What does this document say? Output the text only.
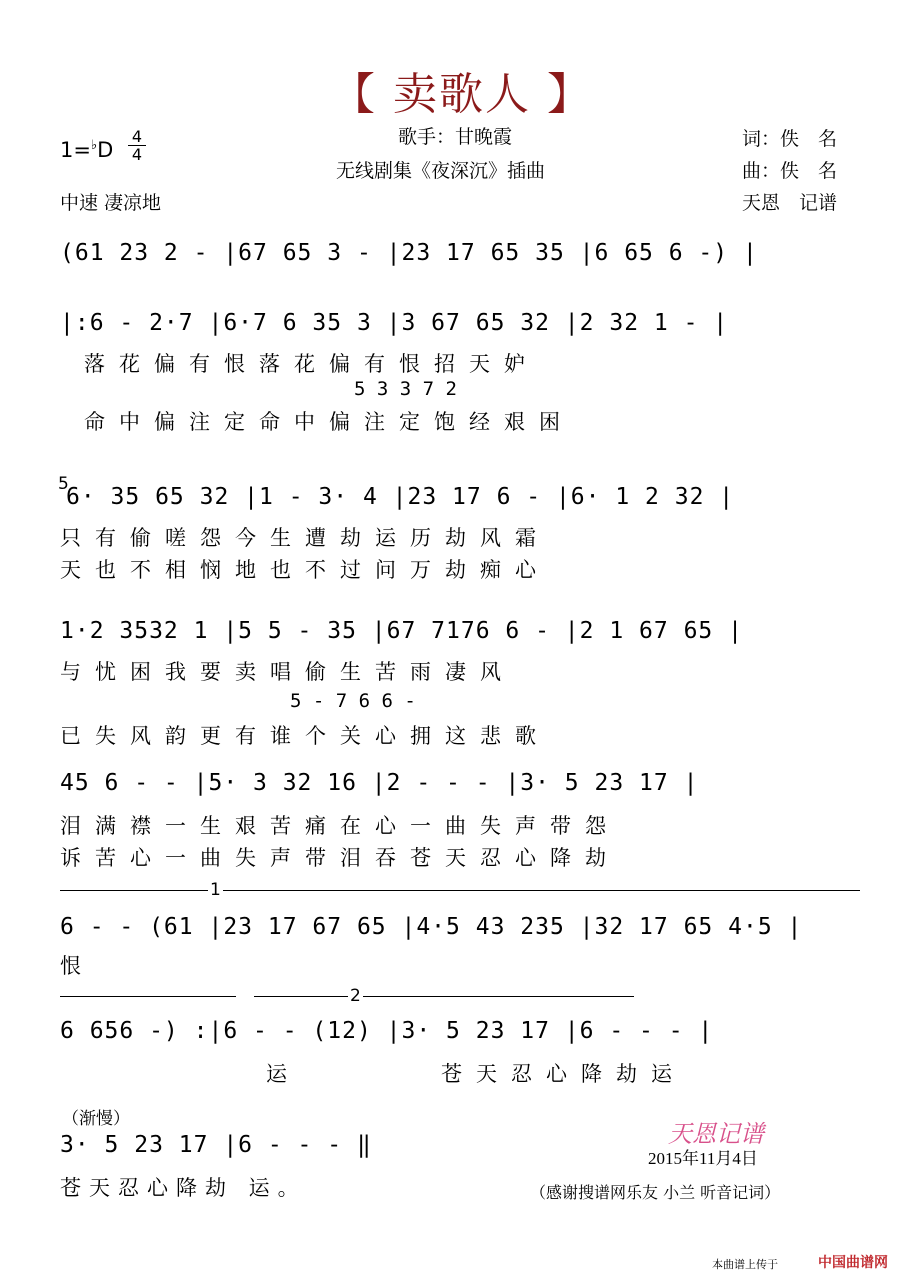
【 卖歌人 】
1=♭D
4
4
歌手：甘晚霞
无线剧集《夜深沉》插曲
词：佚　名
曲：佚　名
天恩　记谱
中速 凄凉地
(61 23 2 - |67 65 3 - |23 17 65 35 |6 65 6 -) |
|:6 - 2·7 |6·7 6 35 3 |3 67 65 32 |2 32 1 - |
落花偏有恨落花偏有恨招天妒
5 3 3 7 2
命中偏注定命中偏注定饱经艰困
5
6· 35 65 32 |1 - 3· 4 |23 17 6 - |6· 1 2 32 |
只有偷嗟怨今生遭劫运历劫风霜
天也不相悯地也不过问万劫痴心
1·2 3532 1 |5 5 - 35 |67 7176 6 - |2 1 67 65 |
与忧困我要卖唱偷生苦雨凄风
5 - 7 6 6 -
已失风韵更有谁个关心拥这悲歌
45 6 - - |5· 3 32 16 |2 - - - |3· 5 23 17 |
泪满襟一生艰苦痛在心一曲失声带怨
诉苦心一曲失声带泪吞苍天忍心降劫
1
6 - - (61 |23 17 67 65 |4·5 43 235 |32 17 65 4·5 |
恨
2
6 656 -) :|6 - - (12) |3· 5 23 17 |6 - - - |
运　　　　苍天忍心降劫运
（渐慢）
3· 5 23 17 |6 - - - ‖
苍天忍心降劫 运。
天恩记谱
2015年11月4日
（感谢搜谱网乐友 小兰 听音记词）
本曲谱上传于	中国曲谱网
